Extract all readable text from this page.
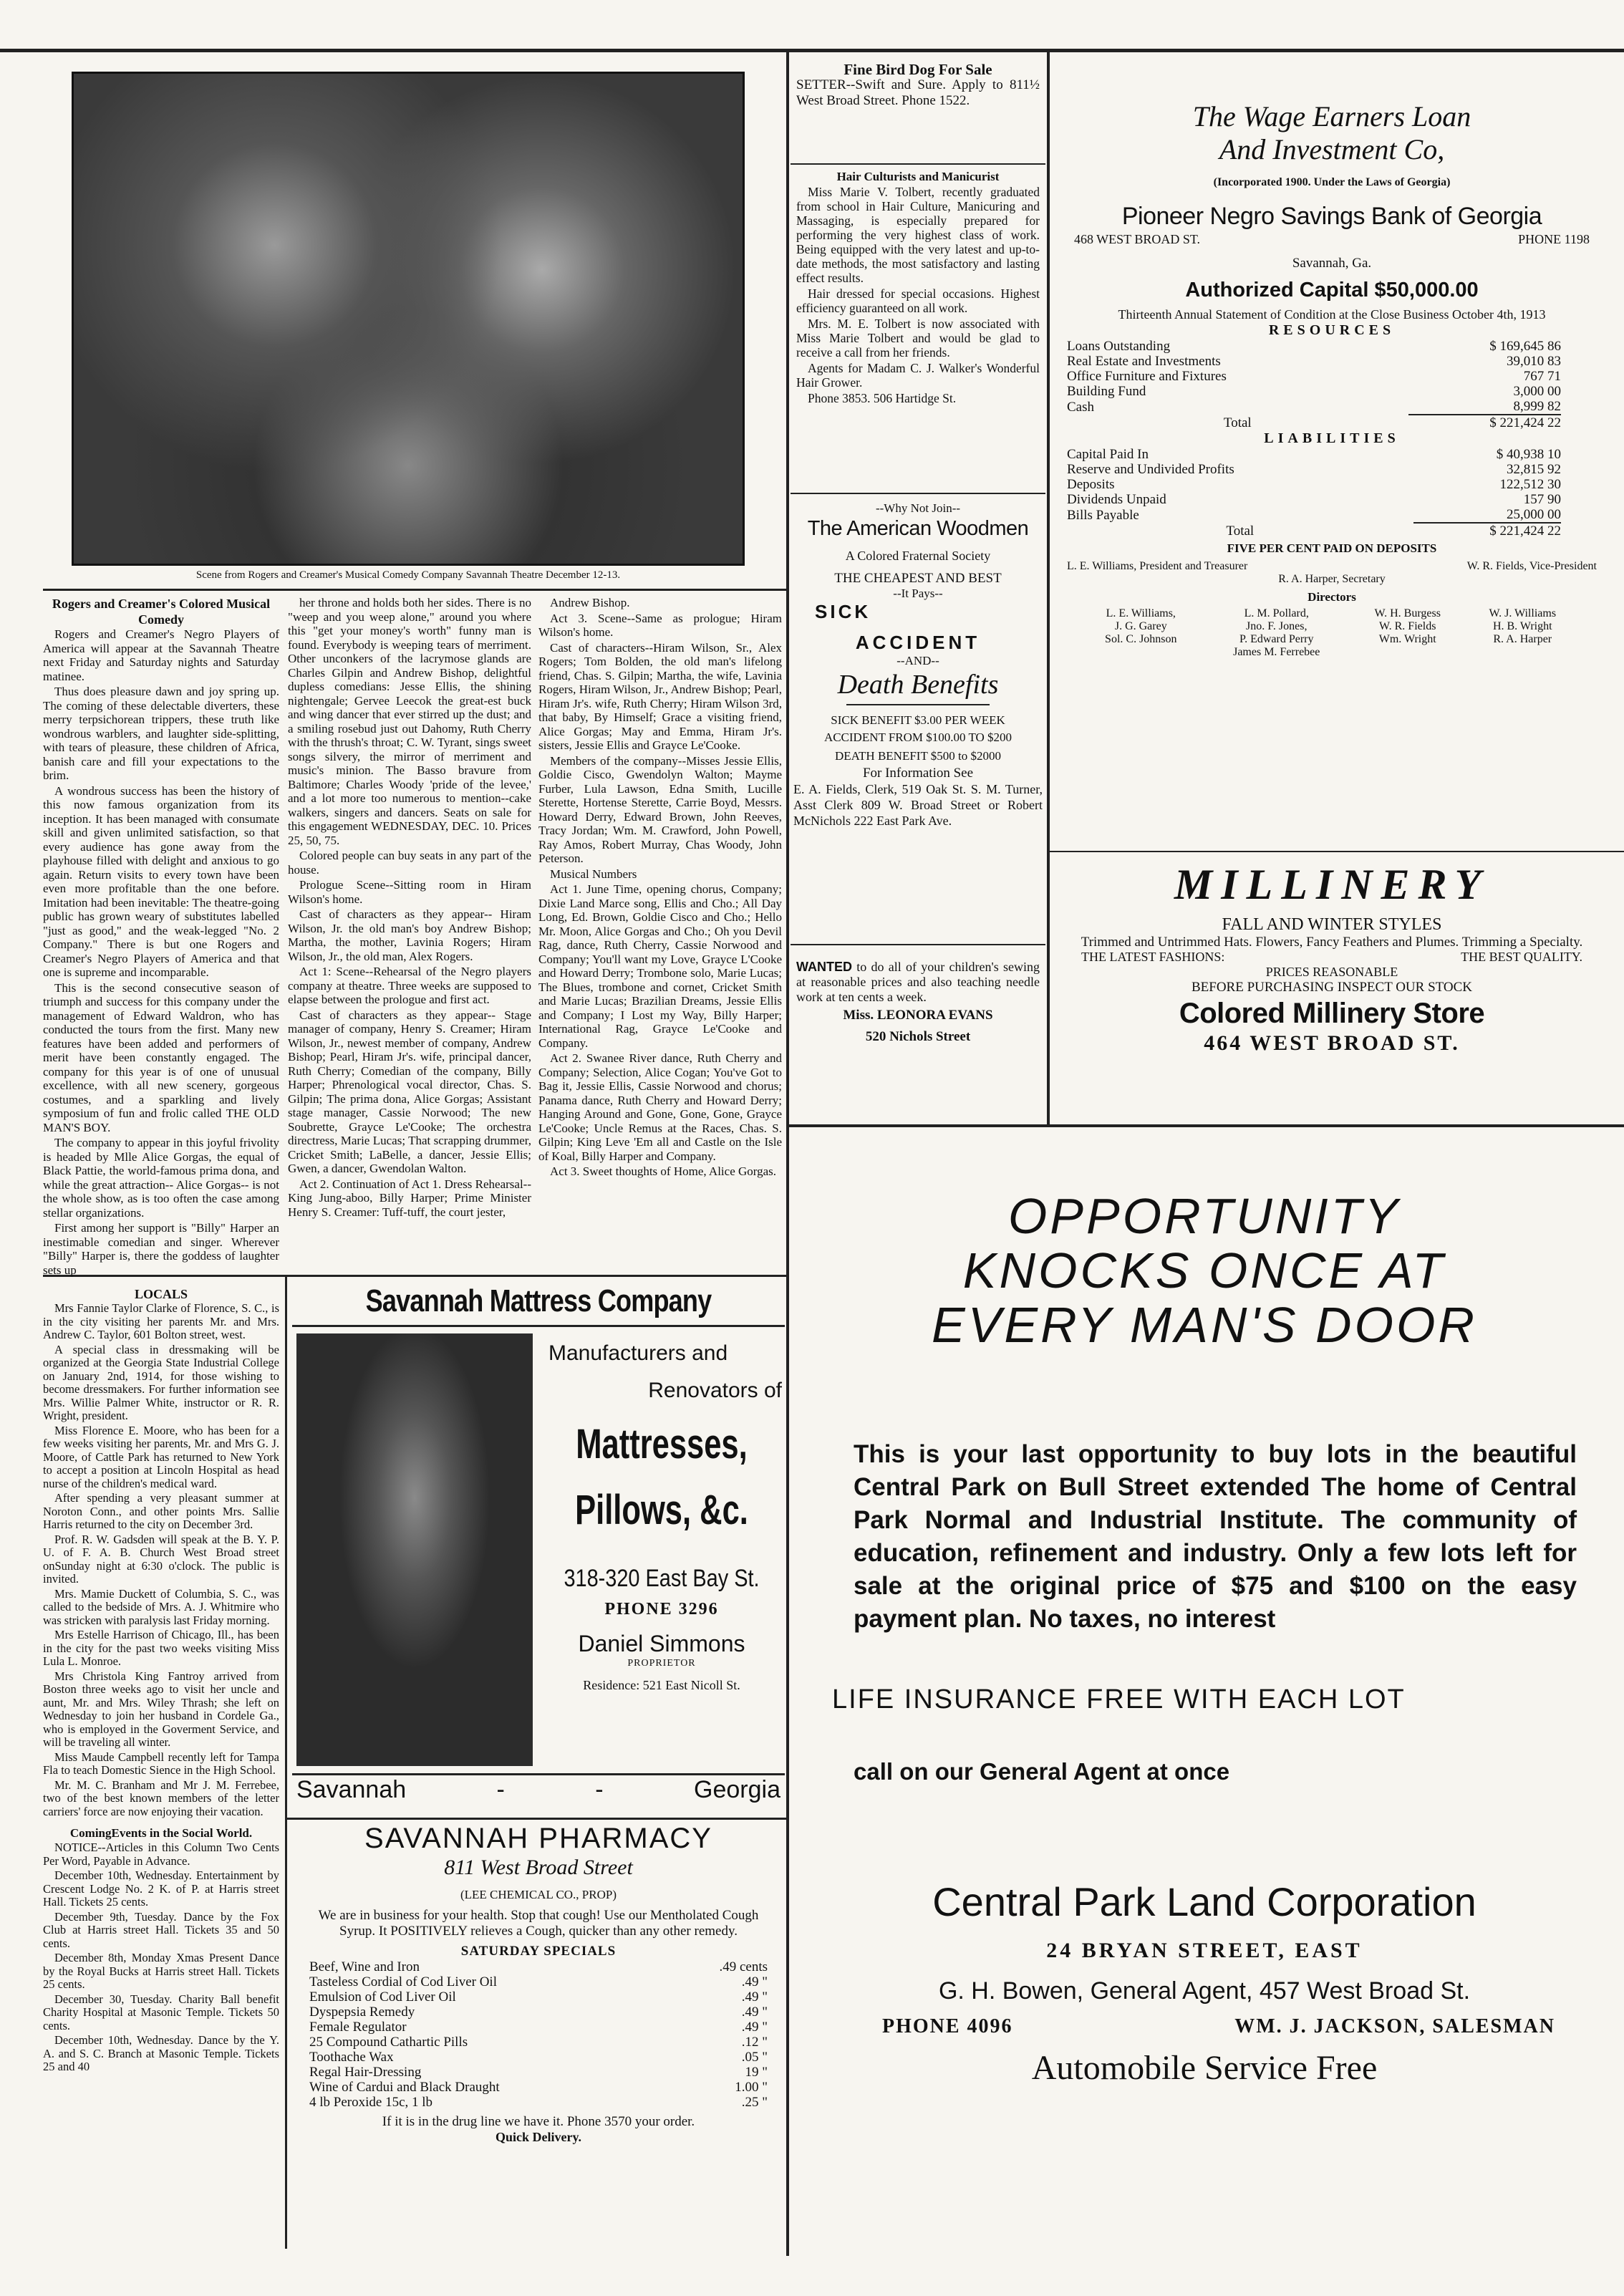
Scene from Rogers and Creamer's Musical Comedy Company Savannah Theatre December 12-13.
Rogers and Creamer's Colored Musical Comedy

Rogers and Creamer's Negro Players of America will appear at the Savannah Theatre next Friday and Saturday nights and Saturday matinee.

Thus does pleasure dawn and joy spring up. The coming of these delectable diverters, these merry terpsichorean trippers, these truth like wondrous warblers, and laughter side-splitting, with tears of pleasure, these children of Africa, banish care and fill your expectations to the brim.

A wondrous success has been the history of this now famous organization from its inception. It has been managed with consumate skill and given unlimited satisfaction, so that every audience has gone away from the playhouse filled with delight and anxious to go again. Return visits to every town have been even more profitable than the one before. Imitation had been inevitable: The theatre-going public has grown weary of substitutes labelled "just as good," and the weak-legged "No. 2 Company." There is but one Rogers and Creamer's Negro Players of America and that one is supreme and incomparable.

This is the second consecutive season of triumph and success for this company under the management of Edward Waldron, who has conducted the tours from the first. Many new features have been added and performers of merit have been constantly engaged. The company for this year is of one of unusual excellence, with all new scenery, gorgeous costumes, and a sparkling and lively symposium of fun and frolic called THE OLD MAN'S BOY.

The company to appear in this joyful frivolity is headed by Mlle Alice Gorgas, the equal of Black Pattie, the world-famous prima dona, and while the great attraction-- Alice Gorgas-- is not the whole show, as is too often the case among stellar organizations.

First among her support is "Billy" Harper an inestimable comedian and singer. Wherever "Billy" Harper is, there the goddess of laughter sets up

her throne and holds both her sides. There is no "weep and you weep alone," around you where this "get your money's worth" funny man is found. Everybody is weeping tears of merriment. Other unconkers of the lacrymose glands are Charles Gilpin and Andrew Bishop, delightful dupless comedians: Jesse Ellis, the shining nightengale; Gervee Leecok the great-est buck and wing dancer that ever stirred up the dust; and a smiling rosebud just out Dahomy, Ruth Cherry with the thrush's throat; C. W. Tyrant, sings sweet songs silvery, the mirror of merriment and music's minion. The Basso bravure from Baltimore; Charles Woody 'pride of the levee,' and a lot more too numerous to mention--cake walkers, singers and dancers. Seats on sale for this engagement WEDNESDAY, DEC. 10. Prices 25, 50, 75.

Colored people can buy seats in any part of the house.

Prologue Scene--Sitting room in Hiram Wilson's home.

Cast of characters as they appear-- Hiram Wilson, Jr. the old man's boy Andrew Bishop; Martha, the mother, Lavinia Rogers; Hiram Wilson, Jr., the old man, Alex Rogers.

Act 1: Scene--Rehearsal of the Negro players company at theatre. Three weeks are supposed to elapse between the prologue and first act.

Cast of characters as they appear-- Stage manager of company, Henry S. Creamer; Hiram Wilson, Jr., newest member of company, Andrew Bishop; Pearl, Hiram Jr's. wife, principal dancer, Ruth Cherry; Comedian of the company, Billy Harper; Phrenological vocal director, Chas. S. Gilpin; The prima dona, Alice Gorgas; Assistant stage manager, Cassie Norwood; The new Soubrette, Grayce Le'Cooke; The orchestra directress, Marie Lucas; That scrapping drummer, Cricket Smith; LaBelle, a dancer, Jessie Ellis; Gwen, a dancer, Gwendolan Walton.

Act 2. Continuation of Act 1. Dress Rehearsal--King Jung-aboo, Billy Harper; Prime Minister Henry S. Creamer: Tuff-tuff, the court jester,

Andrew Bishop.

Act 3. Scene--Same as prologue; Hiram Wilson's home.

Cast of characters--Hiram Wilson, Sr., Alex Rogers; Tom Bolden, the old man's lifelong friend, Chas. S. Gilpin; Martha, the wife, Lavinia Rogers, Hiram Wilson, Jr., Andrew Bishop; Pearl, Hiram Jr's. wife, Ruth Cherry; Hiram Wilson 3rd, that baby, By Himself; Grace a visiting friend, Alice Gorgas; May and Emma, Hiram Jr's. sisters, Jessie Ellis and Grayce Le'Cooke.

Members of the company--Misses Jessie Ellis, Goldie Cisco, Gwendolyn Walton; Mayme Furber, Lula Lawson, Edna Smith, Lucille Sterette, Hortense Sterette, Carrie Boyd, Messrs. Howard Derry, Edward Brown, John Reeves, Tracy Jordan; Wm. M. Crawford, John Powell, Ray Amos, Robert Murray, Chas Woody, John Peterson.

Musical Numbers

Act 1. June Time, opening chorus, Company; Dixie Land Marce song, Ellis and Cho.; All Day Long, Ed. Brown, Goldie Cisco and Cho.; Hello Mr. Moon, Alice Gorgas and Cho.; Oh you Devil Rag, dance, Ruth Cherry, Cassie Norwood and Company; You'll want my Love, Grayce L'Cooke and Howard Derry; Trombone solo, Marie Lucas; The Blues, trombone and cornet, Cricket Smith and Marie Lucas; Brazilian Dreams, Jessie Ellis and Company; I Lost my Way, Billy Harper; International Rag, Grayce Le'Cooke and Company.

Act 2. Swanee River dance, Ruth Cherry and Company; Selection, Alice Cogan; You've Got to Bag it, Jessie Ellis, Cassie Norwood and chorus; Panama dance, Ruth Cherry and Howard Derry; Hanging Around and Gone, Gone, Gone, Grayce Le'Cooke; Uncle Remus at the Races, Chas. S. Gilpin; King Leve 'Em all and Castle on the Isle of Koal, Billy Harper and Company.

Act 3. Sweet thoughts of Home, Alice Gorgas.

Fine Bird Dog For Sale
SETTER--Swift and Sure. Apply to 811½ West Broad Street. Phone 1522.
Hair Culturists and Manicurist

Miss Marie V. Tolbert, recently graduated from school in Hair Culture, Manicuring and Massaging, is especially prepared for performing the very highest class of work. Being equipped with the very latest and up-to-date methods, the most satisfactory and lasting effect results.

Hair dressed for special occasions. Highest efficiency guaranteed on all work.

Mrs. M. E. Tolbert is now associated with Miss Marie Tolbert and would be glad to receive a call from her friends.

Agents for Madam C. J. Walker's Wonderful Hair Grower.

Phone 3853. 506 Hartidge St.

--Why Not Join--
The American Woodmen
A Colored Fraternal Society
THE CHEAPEST AND BEST
--It Pays--
SICK
ACCIDENT
--AND--
Death Benefits
SICK BENEFIT $3.00 PER WEEK
ACCIDENT FROM $100.00 TO $200
DEATH BENEFIT $500 to $2000
For Information See
E. A. Fields, Clerk, 519 Oak St. S. M. Turner, Asst Clerk 809 W. Broad Street or Robert McNichols 222 East Park Ave.
WANTED to do all of your children's sewing at reasonable prices and also teaching needle work at ten cents a week.
Miss. LEONORA EVANS
520 Nichols Street
The Wage Earners Loan
And Investment Co,
(Incorporated 1900. Under the Laws of Georgia)
Pioneer Negro Savings Bank of Georgia
468 WEST BROAD ST.	PHONE 1198
Savannah, Ga.
Authorized Capital $50,000.00
Thirteenth Annual Statement of Condition at the Close Business October 4th, 1913
RESOURCES
Loans Outstanding	$ 169,645 86
Real Estate and Investments	39,010 83
Office Furniture and Fixtures	767 71
Building Fund	3,000 00
Cash	8,999 82
Total	$ 221,424 22
LIABILITIES
Capital Paid In	$ 40,938 10
Reserve and Undivided Profits	32,815 92
Deposits	122,512 30
Dividends Unpaid	157 90
Bills Payable	25,000 00
Total	$ 221,424 22
FIVE PER CENT PAID ON DEPOSITS
L. E. Williams, President and Treasurer	W. R. Fields, Vice-President
R. A. Harper, Secretary
Directors
L. E. Williams,	L. M. Pollard,	W. H. Burgess	W. J. Williams
J. G. Garey	Jno. F. Jones,	W. R. Fields	H. B. Wright
Sol. C. Johnson	P. Edward Perry	Wm. Wright	R. A. Harper
	James M. Ferrebee		
MILLINERY
FALL AND WINTER STYLES
Trimmed and Untrimmed Hats. Flowers, Fancy Feathers and Plumes. Trimming a Specialty.
THE LATEST FASHIONS:	THE BEST QUALITY.
PRICES REASONABLE
BEFORE PURCHASING INSPECT OUR STOCK
Colored Millinery Store
464 WEST BROAD ST.
LOCALS

Mrs Fannie Taylor Clarke of Florence, S. C., is in the city visiting her parents Mr. and Mrs. Andrew C. Taylor, 601 Bolton street, west.

A special class in dressmaking will be organized at the Georgia State Industrial College on January 2nd, 1914, for those wishing to become dressmakers. For further information see Mrs. Willie Palmer White, instructor or R. R. Wright, president.

Miss Florence E. Moore, who has been for a few weeks visiting her parents, Mr. and Mrs G. J. Moore, of Cattle Park has returned to New York to accept a position at Lincoln Hospital as head nurse of the children's medical ward.

After spending a very pleasant summer at Noroton Conn., and other points Mrs. Sallie Harris returned to the city on December 3rd.

Prof. R. W. Gadsden will speak at the B. Y. P. U. of F. A. B. Church West Broad street onSunday night at 6:30 o'clock. The public is invited.

Mrs. Mamie Duckett of Columbia, S. C., was called to the bedside of Mrs. A. J. Whitmire who was stricken with paralysis last Friday morning.

Mrs Estelle Harrison of Chicago, Ill., has been in the city for the past two weeks visiting Miss Lula L. Monroe.

Mrs Christola King Fantroy arrived from Boston three weeks ago to visit her uncle and aunt, Mr. and Mrs. Wiley Thrash; she left on Wednesday to join her husband in Cordele Ga., who is employed in the Goverment Service, and will be traveling all winter.

Miss Maude Campbell recently left for Tampa Fla to teach Domestic Sience in the High School.

Mr. M. C. Branham and Mr J. M. Ferrebee, two of the best known members of the letter carriers' force are now enjoying their vacation.

ComingEvents in the Social World.

NOTICE--Articles in this Column Two Cents Per Word, Payable in Advance.

December 10th, Wednesday. Entertainment by Crescent Lodge No. 2 K. of P. at Harris street Hall. Tickets 25 cents.

December 9th, Tuesday. Dance by the Fox Club at Harris street Hall. Tickets 35 and 50 cents.

December 8th, Monday Xmas Present Dance by the Royal Bucks at Harris street Hall. Tickets 25 cents.

December 30, Tuesday. Charity Ball benefit Charity Hospital at Masonic Temple. Tickets 50 cents.

December 10th, Wednesday. Dance by the Y. A. and S. C. Branch at Masonic Temple. Tickets 25 and 40

Savannah Mattress Company
Manufacturers and
Renovators of
Mattresses,
Pillows, &c.
318-320 East Bay St.
PHONE 3296
Daniel Simmons
PROPRIETOR
Residence: 521 East Nicoll St.
Savannah	-	-	Georgia
SAVANNAH PHARMACY
811 West Broad Street
(LEE CHEMICAL CO., PROP)
We are in business for your health. Stop that cough! Use our Mentholated Cough Syrup. It POSITIVELY relieves a Cough, quicker than any other remedy.
SATURDAY SPECIALS
Beef, Wine and Iron	.49 cents
Tasteless Cordial of Cod Liver Oil	.49 "
Emulsion of Cod Liver Oil	.49 "
Dyspepsia Remedy	.49 "
Female Regulator	.49 "
25 Compound Cathartic Pills	.12 "
Toothache Wax	.05 "
Regal Hair-Dressing	19 "
Wine of Cardui and Black Draught	1.00 "
4 lb Peroxide 15c, 1 lb	.25 "
If it is in the drug line we have it. Phone 3570 your order.
Quick Delivery.
OPPORTUNITY
KNOCKS ONCE AT
EVERY MAN'S DOOR
This is your last opportunity to buy lots in the beautiful Central Park on Bull Street extended The home of Central Park Normal and Industrial Institute. The community of education, refinement and industry. Only a few lots left for sale at the original price of $75 and $100 on the easy payment plan. No taxes, no interest
LIFE INSURANCE FREE WITH EACH LOT
call on our General Agent at once
Central Park Land Corporation
24 BRYAN STREET, EAST
G. H. Bowen, General Agent, 457 West Broad St.
PHONE 4096	WM. J. JACKSON, SALESMAN
Automobile Service Free
